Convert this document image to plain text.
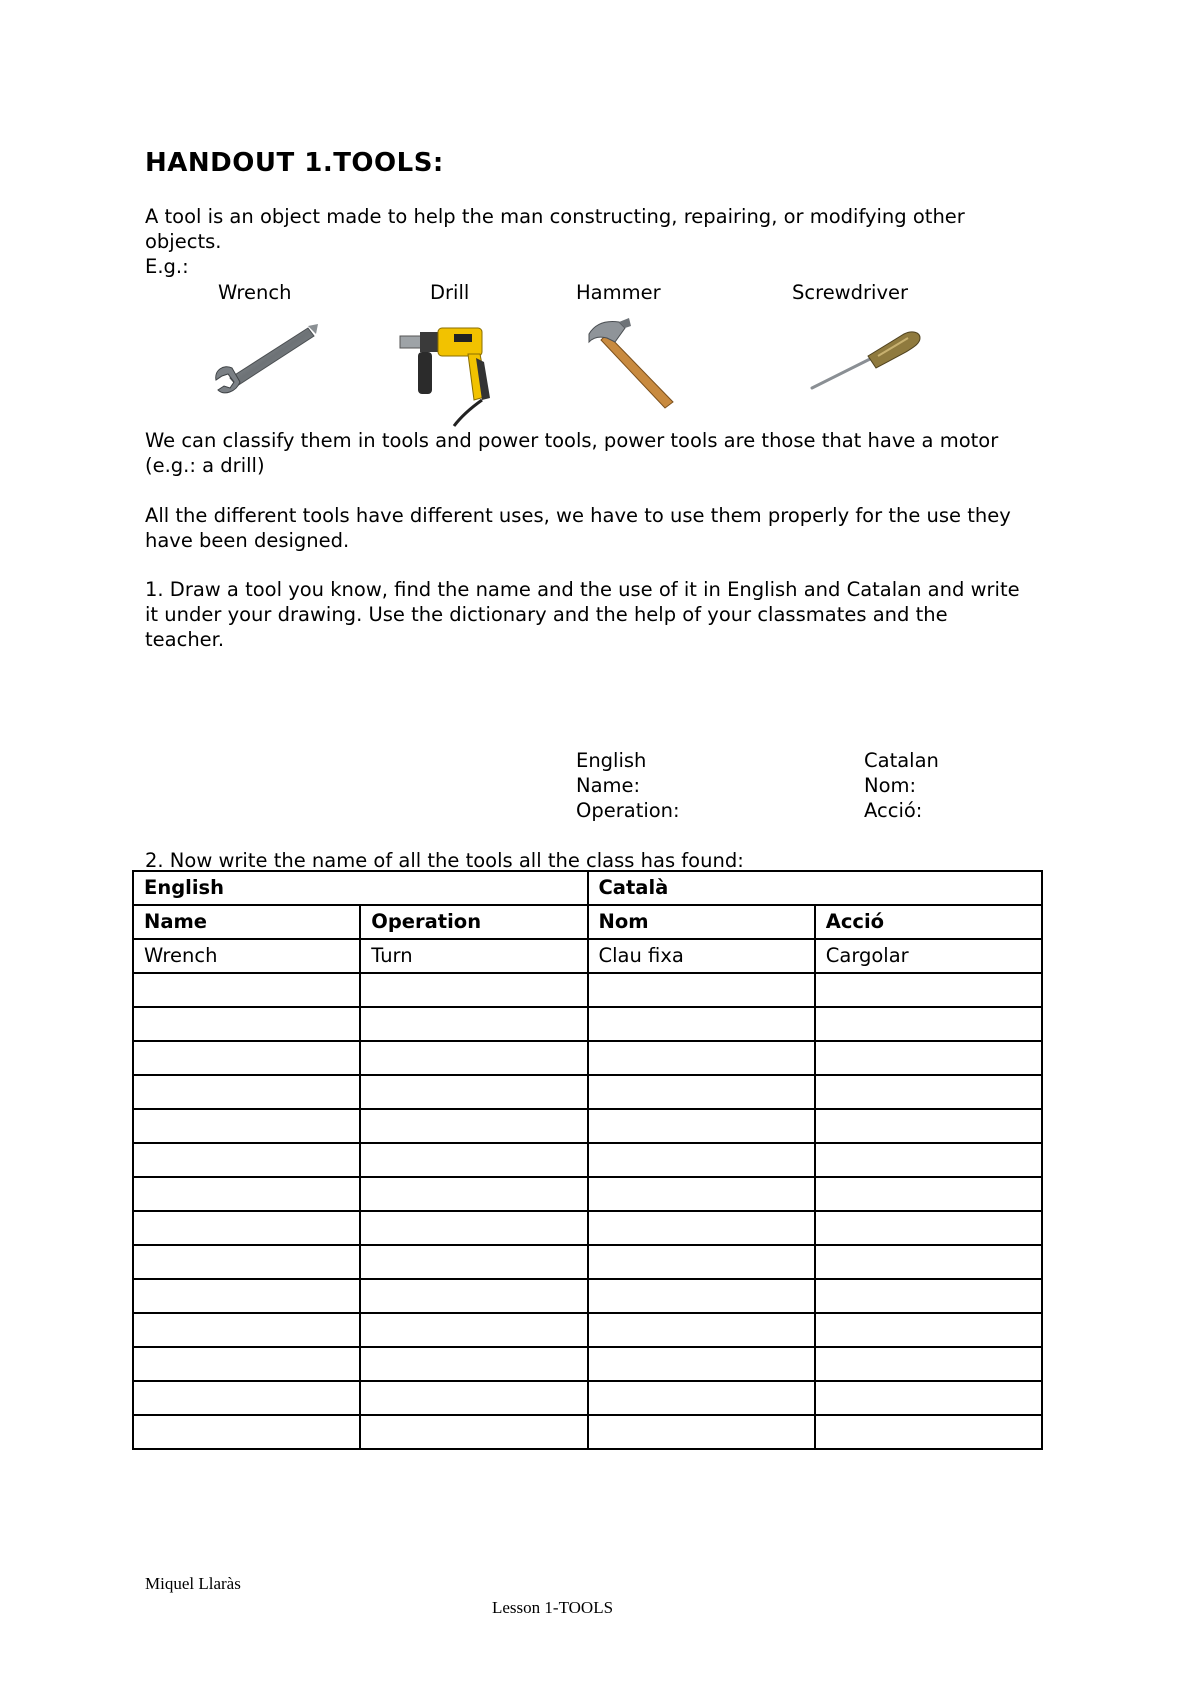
HANDOUT 1.TOOLS:
A tool is an object made to help the man constructing, repairing, or modifying other
objects.
E.g.:
Wrench	Drill	Hammer	Screwdriver
We can classify them in tools and power tools, power tools are those that have a motor
(e.g.: a drill)
All the different tools have different uses, we have to use them properly for the use they
have been designed.
1. Draw a tool you know, find the name and the use of it in English and Catalan and write
it under your drawing. Use the dictionary and the help of your classmates and the
teacher.
English
Name:
Operation:
Catalan
Nom:
Acció:
2. Now write the name of all the tools all the class has found:
English		Català	
Name	Operation	Nom	Acció
Wrench	Turn	Clau fixa	Cargolar

Miquel Llaràs
Lesson 1-TOOLS
